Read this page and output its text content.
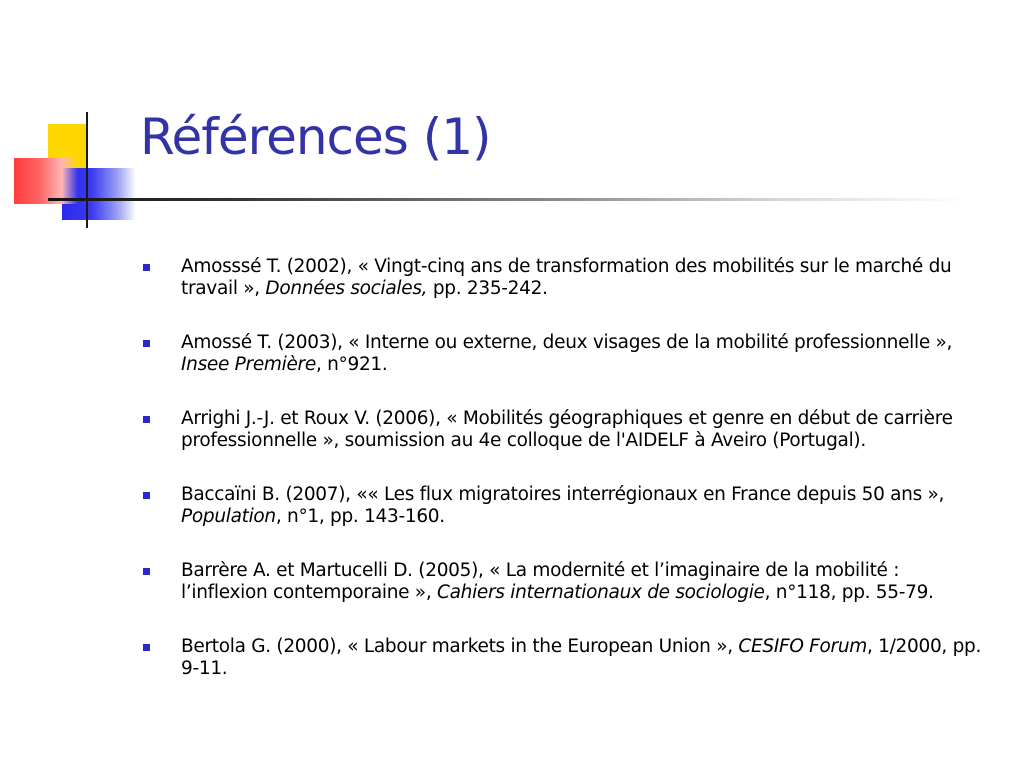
Références (1)
Amosssé T. (2002), « Vingt-cinq ans de transformation des mobilités sur le marché du travail », Données sociales, pp. 235-242.
Amossé T. (2003), « Interne ou externe, deux visages de la mobilité professionnelle », Insee Première, n°921.
Arrighi J.-J. et Roux V. (2006), « Mobilités géographiques et genre en début de carrière professionnelle », soumission au 4e colloque de l'AIDELF à Aveiro (Portugal).
Baccaïni B. (2007), «« Les flux migratoires interrégionaux en France depuis 50 ans », Population, n°1, pp. 143-160.
Barrère A. et Martucelli D. (2005), « La modernité et l’imaginaire de la mobilité : l’inflexion contemporaine », Cahiers internationaux de sociologie, n°118, pp. 55-79.
Bertola G. (2000), « Labour markets in the European Union », CESIFO Forum, 1/2000, pp. 9-11.
